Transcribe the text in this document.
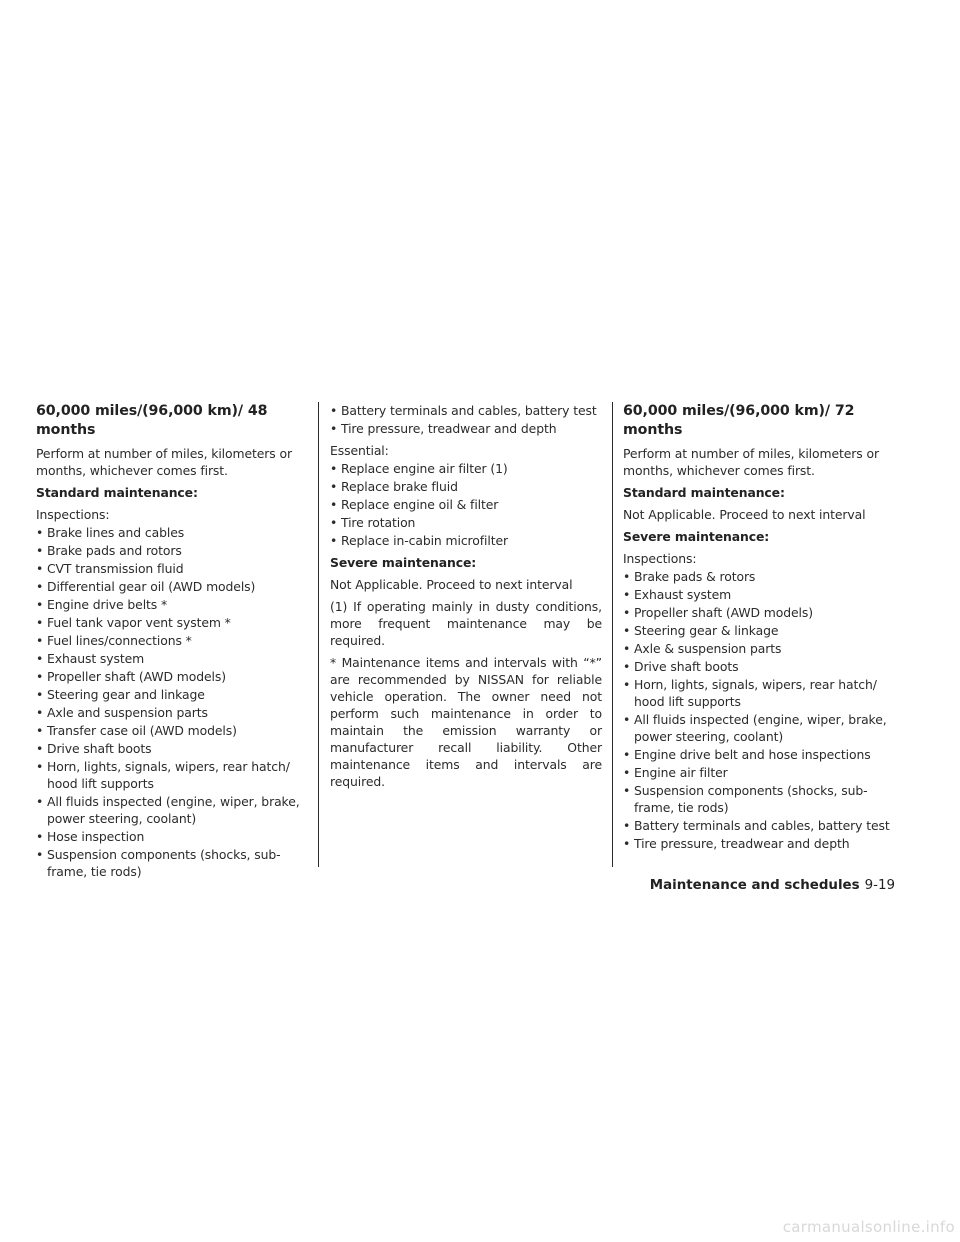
60,000 miles/(96,000 km)/ 48 months

Perform at number of miles, kilometers or months, whichever comes first.

Standard maintenance:

Inspections:

• Brake lines and cables
• Brake pads and rotors
• CVT transmission fluid
• Differential gear oil (AWD models)
• Engine drive belts *
• Fuel tank vapor vent system *
• Fuel lines/connections *
• Exhaust system
• Propeller shaft (AWD models)
• Steering gear and linkage
• Axle and suspension parts
• Transfer case oil (AWD models)
• Drive shaft boots
• Horn, lights, signals, wipers, rear hatch/ hood lift supports
• All fluids inspected (engine, wiper, brake, power steering, coolant)
• Hose inspection
• Suspension components (shocks, sub-frame, tie rods)
• Battery terminals and cables, battery test
• Tire pressure, treadwear and depth

Essential:

• Replace engine air filter (1)
• Replace brake fluid
• Replace engine oil & filter
• Tire rotation
• Replace in-cabin microfilter

Severe maintenance:

Not Applicable. Proceed to next interval

(1) If operating mainly in dusty conditions, more frequent maintenance may be required.

* Maintenance items and intervals with “*” are recommended by NISSAN for reliable vehicle operation. The owner need not perform such maintenance in order to maintain the emission warranty or manufacturer recall liability. Other maintenance items and intervals are required.

60,000 miles/(96,000 km)/ 72 months

Perform at number of miles, kilometers or months, whichever comes first.

Standard maintenance:

Not Applicable. Proceed to next interval

Severe maintenance:

Inspections:

• Brake pads & rotors
• Exhaust system
• Propeller shaft (AWD models)
• Steering gear & linkage
• Axle & suspension parts
• Drive shaft boots
• Horn, lights, signals, wipers, rear hatch/ hood lift supports
• All fluids inspected (engine, wiper, brake, power steering, coolant)
• Engine drive belt and hose inspections
• Engine air filter
• Suspension components (shocks, sub-frame, tie rods)
• Battery terminals and cables, battery test
• Tire pressure, treadwear and depth
Maintenance and schedules 9-19
carmanualsonline.info
